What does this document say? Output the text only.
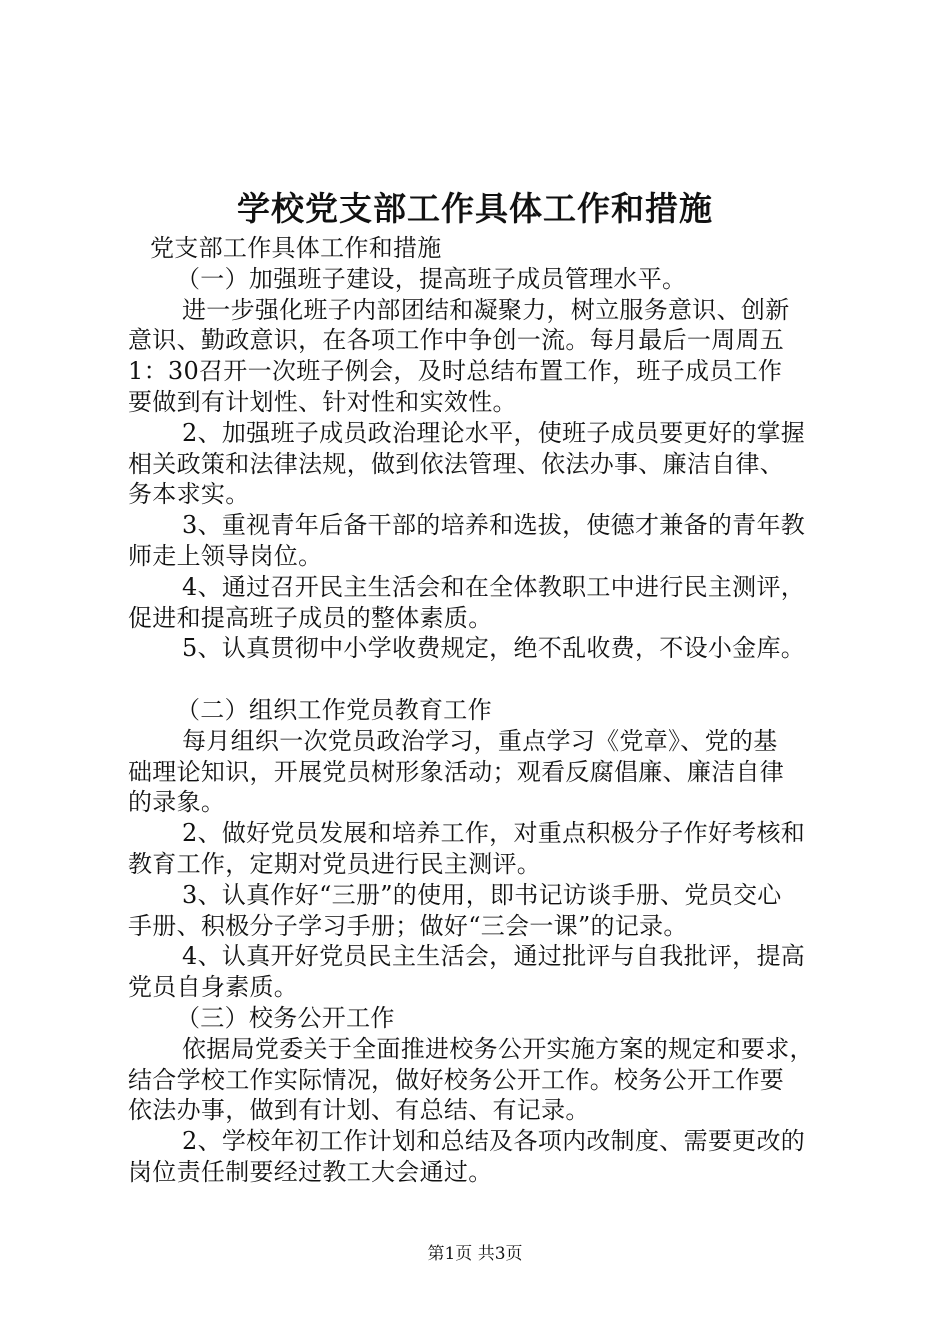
学校党支部工作具体工作和措施
党支部工作具体工作和措施
（一）加强班子建设，提高班子成员管理水平。
进一步强化班子内部团结和凝聚力，树立服务意识、创新
意识、勤政意识，在各项工作中争创一流。每月最后一周周五
1：30召开一次班子例会，及时总结布置工作，班子成员工作
要做到有计划性、针对性和实效性。
2、加强班子成员政治理论水平，使班子成员要更好的掌握
相关政策和法律法规，做到依法管理、依法办事、廉洁自律、
务本求实。
3、重视青年后备干部的培养和选拔，使德才兼备的青年教
师走上领导岗位。
4、通过召开民主生活会和在全体教职工中进行民主测评，
促进和提高班子成员的整体素质。
5、认真贯彻中小学收费规定，绝不乱收费，不设小金库。
（二）组织工作党员教育工作
每月组织一次党员政治学习，重点学习《党章》、党的基
础理论知识，开展党员树形象活动；观看反腐倡廉、廉洁自律
的录象。
2、做好党员发展和培养工作，对重点积极分子作好考核和
教育工作，定期对党员进行民主测评。
3、认真作好“三册”的使用，即书记访谈手册、党员交心
手册、积极分子学习手册；做好“三会一课”的记录。
4、认真开好党员民主生活会，通过批评与自我批评，提高
党员自身素质。
（三）校务公开工作
依据局党委关于全面推进校务公开实施方案的规定和要求，
结合学校工作实际情况，做好校务公开工作。校务公开工作要
依法办事，做到有计划、有总结、有记录。
2、学校年初工作计划和总结及各项内改制度、需要更改的
岗位责任制要经过教工大会通过。
第1页 共3页
